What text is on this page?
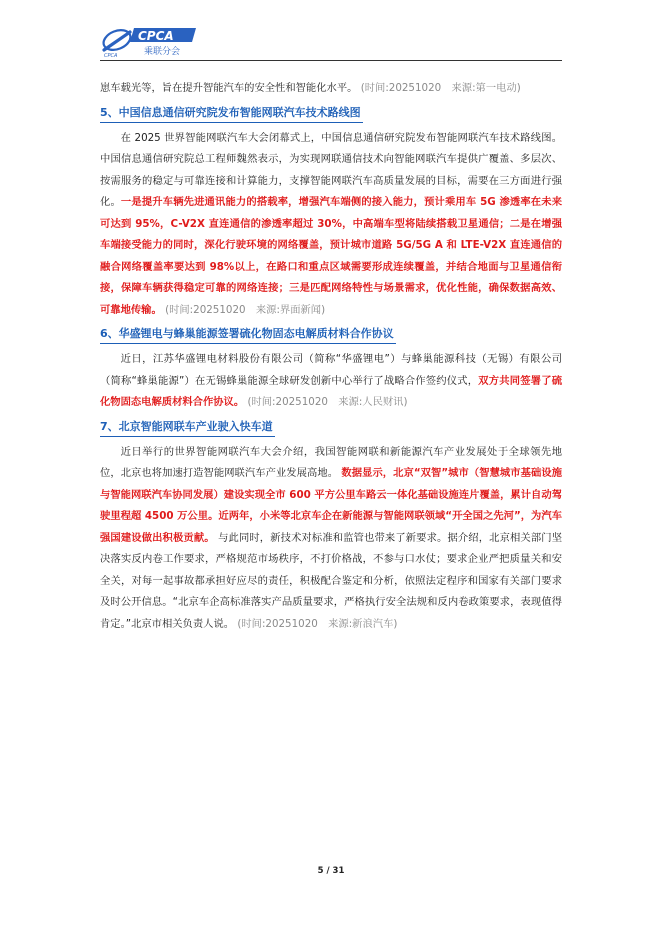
CPCA
CPCA
乘联分会

崽车载光等，旨在提升智能汽车的安全性和智能化水平。 (时间:20251020　来源:第一电动)

5、中国信息通信研究院发布智能网联汽车技术路线图

在 2025 世界智能网联汽车大会闭幕式上，中国信息通信研究院发布智能网联汽车技术路线图。中国信息通信研究院总工程师魏然表示，为实现网联通信技术向智能网联汽车提供广覆盖、多层次、按需服务的稳定与可靠连接和计算能力，支撑智能网联汽车高质量发展的目标，需要在三方面进行强化。一是提升车辆先进通讯能力的搭载率，增强汽车端侧的接入能力，预计乘用车 5G 渗透率在未来可达到 95%，C-V2X 直连通信的渗透率超过 30%，中高端车型将陆续搭载卫星通信；二是在增强车端接受能力的同时，深化行驶环境的网络覆盖，预计城市道路 5G/5G A 和 LTE-V2X 直连通信的融合网络覆盖率要达到 98%以上，在路口和重点区域需要形成连续覆盖，并结合地面与卫星通信衔接，保障车辆获得稳定可靠的网络连接；三是匹配网络特性与场景需求，优化性能，确保数据高效、可靠地传输。 (时间:20251020　来源:界面新闻)

6、华盛锂电与蜂巢能源签署硫化物固态电解质材料合作协议

近日，江苏华盛锂电材料股份有限公司（简称“华盛锂电”）与蜂巢能源科技（无锡）有限公司（简称“蜂巢能源”）在无锡蜂巢能源全球研发创新中心举行了战略合作签约仪式，双方共同签署了硫化物固态电解质材料合作协议。 (时间:20251020　来源:人民财讯)

7、北京智能网联车产业驶入快车道

近日举行的世界智能网联汽车大会介绍，我国智能网联和新能源汽车产业发展处于全球领先地位，北京也将加速打造智能网联汽车产业发展高地。 数据显示，北京“双智”城市（智慧城市基础设施与智能网联汽车协同发展）建设实现全市 600 平方公里车路云一体化基础设施连片覆盖，累计自动驾驶里程超 4500 万公里。近两年，小米等北京车企在新能源与智能网联领域“开全国之先河”，为汽车强国建设做出积极贡献。 与此同时，新技术对标准和监管也带来了新要求。据介绍，北京相关部门坚决落实反内卷工作要求，严格规范市场秩序，不打价格战，不参与口水仗；要求企业严把质量关和安全关，对每一起事故都承担好应尽的责任，积极配合鉴定和分析，依照法定程序和国家有关部门要求及时公开信息。“北京车企高标准落实产品质量要求，严格执行安全法规和反内卷政策要求，表现值得肯定。”北京市相关负责人说。 (时间:20251020　来源:新浪汽车)

5 / 31
